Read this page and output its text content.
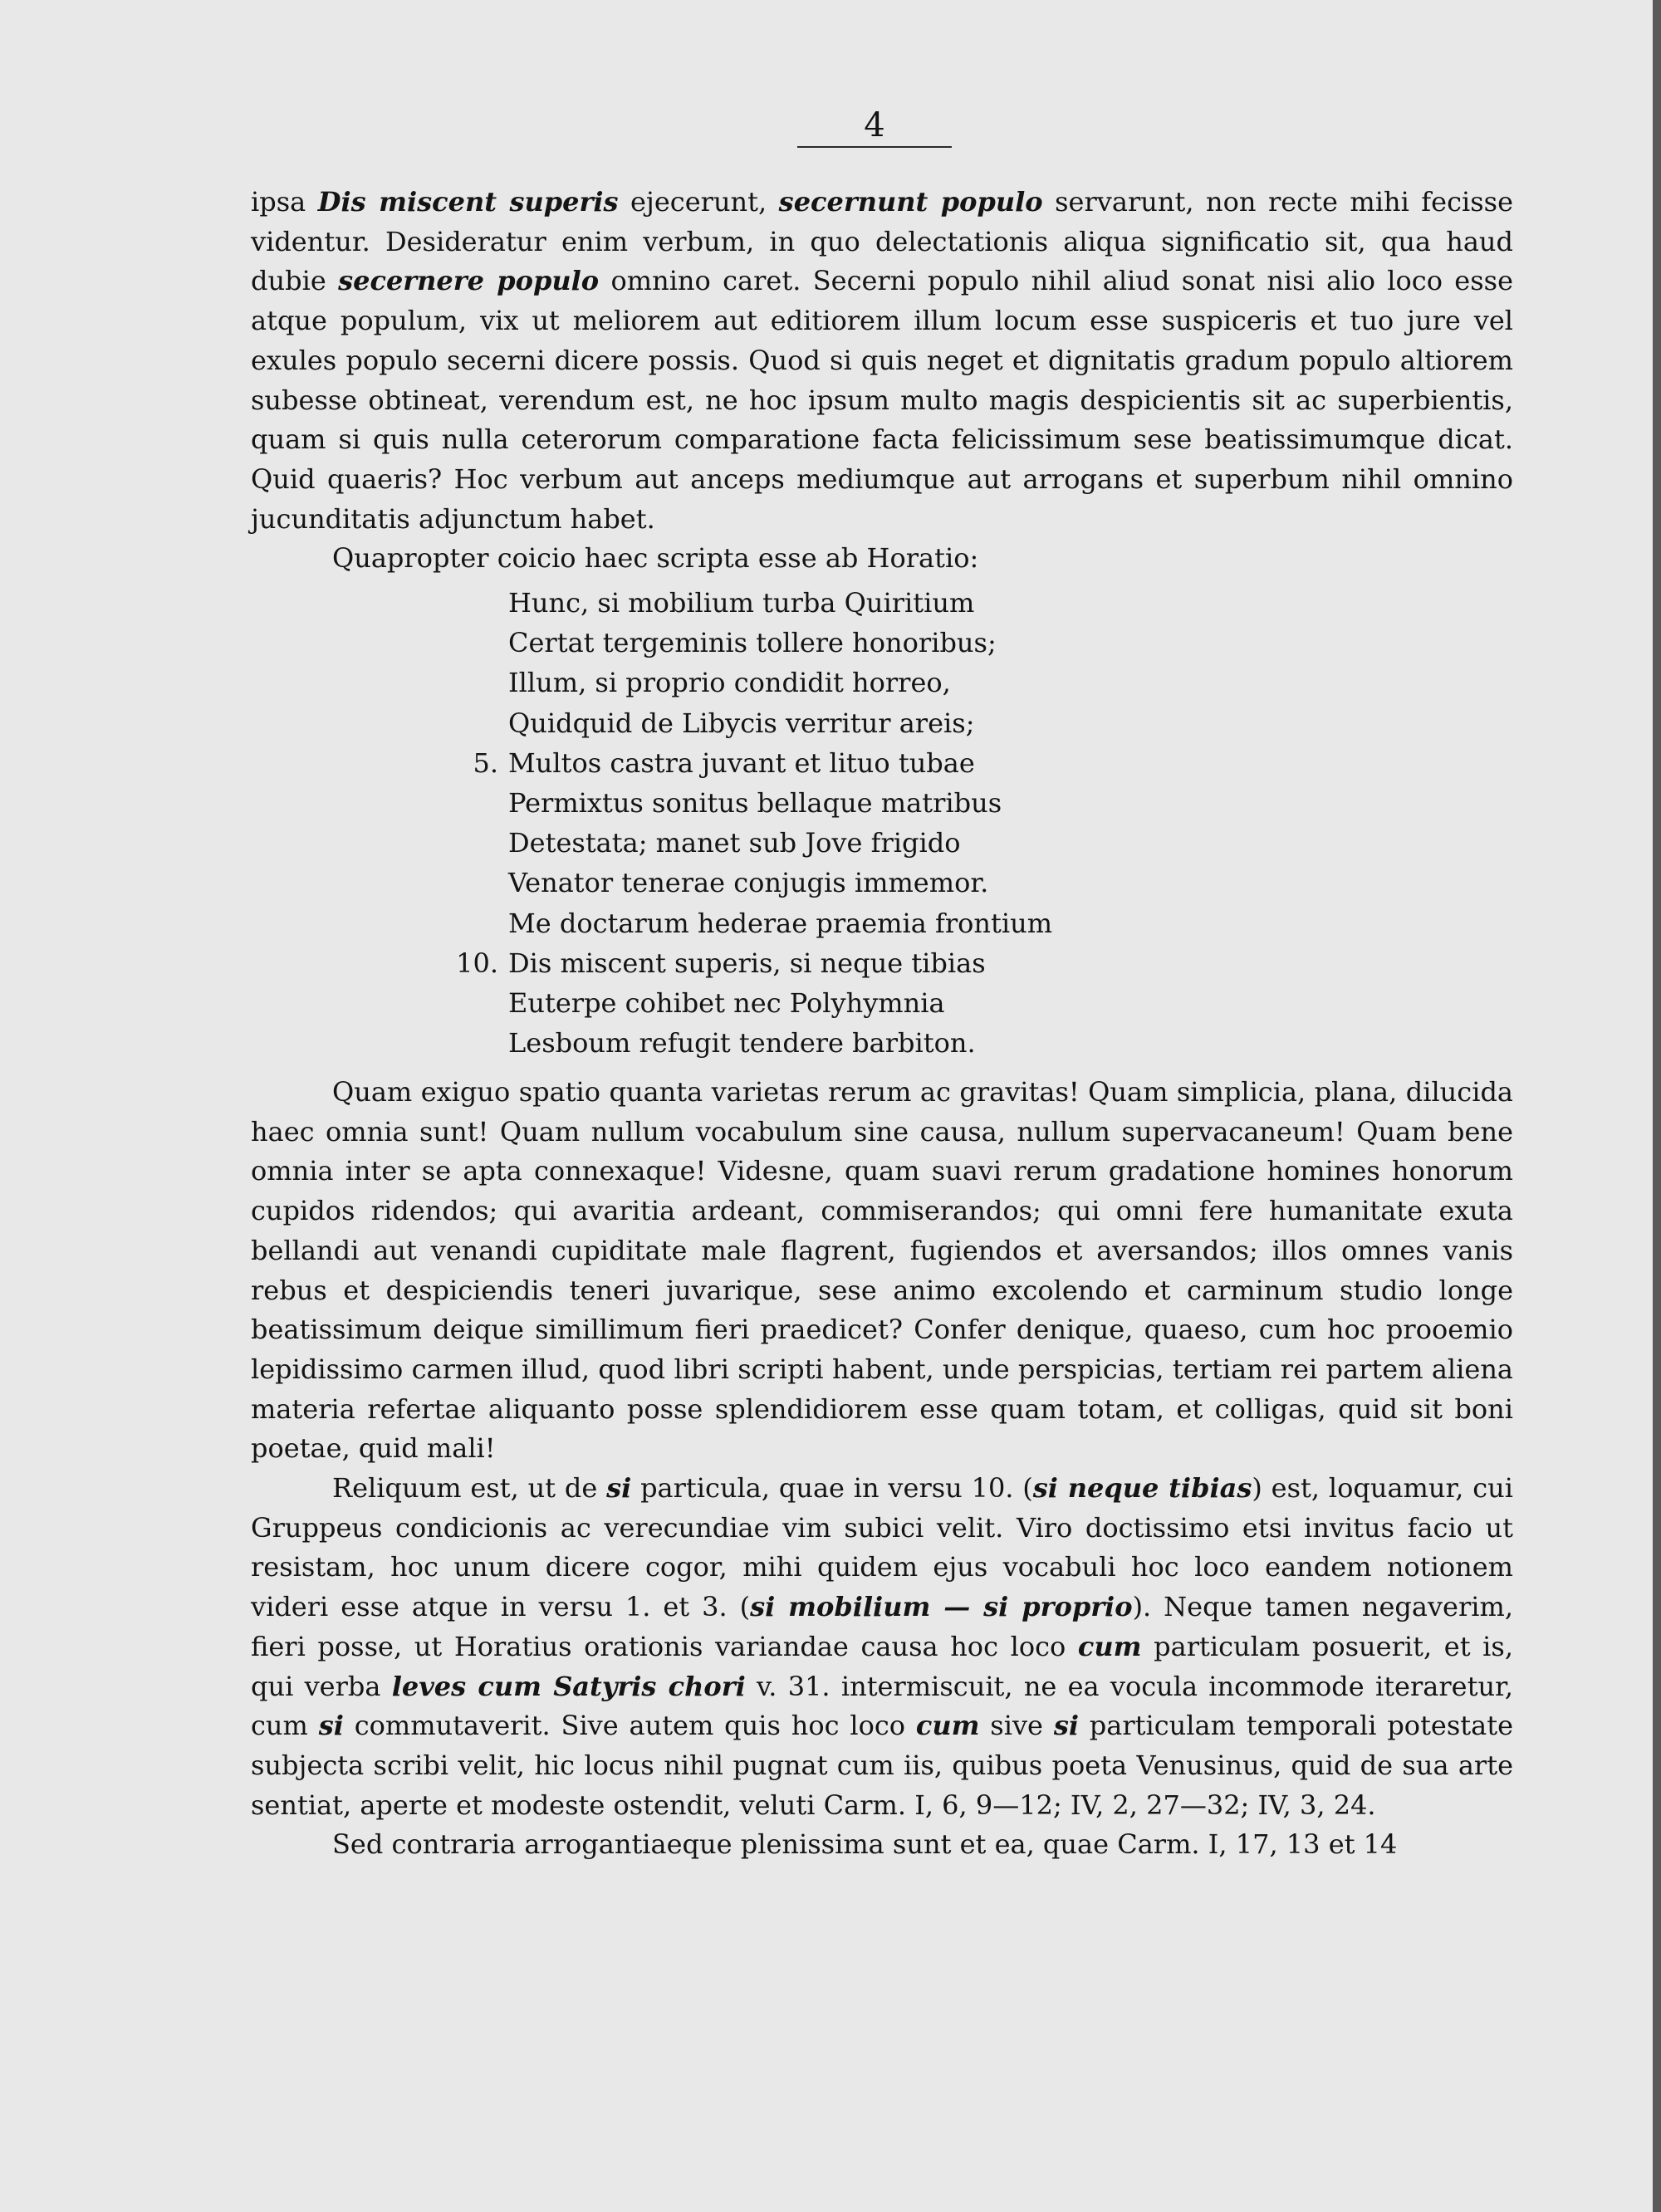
4

ipsa Dis miscent superis ejecerunt, secernunt populo servarunt, non recte mihi fecisse videntur. Desideratur enim verbum, in quo delectationis aliqua significatio sit, qua haud dubie secernere populo omnino caret. Secerni populo nihil aliud sonat nisi alio loco esse atque populum, vix ut meliorem aut editiorem illum locum esse suspiceris et tuo jure vel exules populo secerni dicere possis. Quod si quis neget et dignitatis gradum populo altiorem subesse obtineat, verendum est, ne hoc ipsum multo magis despicientis sit ac superbientis, quam si quis nulla ceterorum comparatione facta felicissimum sese beatissimumque dicat. Quid quaeris? Hoc verbum aut anceps mediumque aut arrogans et superbum nihil omnino jucunditatis adjunctum habet.

Quapropter coicio haec scripta esse ab Horatio:

Hunc, si mobilium turba Quiritium
Certat tergeminis tollere honoribus;
Illum, si proprio condidit horreo,
Quidquid de Libycis verritur areis;
5. Multos castra juvant et lituo tubae
Permixtus sonitus bellaque matribus
Detestata; manet sub Jove frigido
Venator tenerae conjugis immemor.
Me doctarum hederae praemia frontium
10. Dis miscent superis, si neque tibias
Euterpe cohibet nec Polyhymnia
Lesboum refugit tendere barbiton.

Quam exiguo spatio quanta varietas rerum ac gravitas! Quam simplicia, plana, dilucida haec omnia sunt! Quam nullum vocabulum sine causa, nullum supervacaneum! Quam bene omnia inter se apta connexaque! Videsne, quam suavi rerum gradatione homines honorum cupidos ridendos; qui avaritia ardeant, commiserandos; qui omni fere humanitate exuta bellandi aut venandi cupiditate male flagrent, fugiendos et aversandos; illos omnes vanis rebus et despiciendis teneri juvarique, sese animo excolendo et carminum studio longe beatissimum deique simillimum fieri praedicet? Confer denique, quaeso, cum hoc prooemio lepidissimo carmen illud, quod libri scripti habent, unde perspicias, tertiam rei partem aliena materia refertae aliquanto posse splendidiorem esse quam totam, et colligas, quid sit boni poetae, quid mali!

Reliquum est, ut de si particula, quae in versu 10. (si neque tibias) est, loquamur, cui Gruppeus condicionis ac verecundiae vim subici velit. Viro doctissimo etsi invitus facio ut resistam, hoc unum dicere cogor, mihi quidem ejus vocabuli hoc loco eandem notionem videri esse atque in versu 1. et 3. (si mobilium — si proprio). Neque tamen negaverim, fieri posse, ut Horatius orationis variandae causa hoc loco cum particulam posuerit, et is, qui verba leves cum Satyris chori v. 31. intermiscuit, ne ea vocula incommode iteraretur, cum si commutaverit. Sive autem quis hoc loco cum sive si particulam temporali potestate subjecta scribi velit, hic locus nihil pugnat cum iis, quibus poeta Venusinus, quid de sua arte sentiat, aperte et modeste ostendit, veluti Carm. I, 6, 9—12; IV, 2, 27—32; IV, 3, 24.

Sed contraria arrogantiaeque plenissima sunt et ea, quae Carm. I, 17, 13 et 14
